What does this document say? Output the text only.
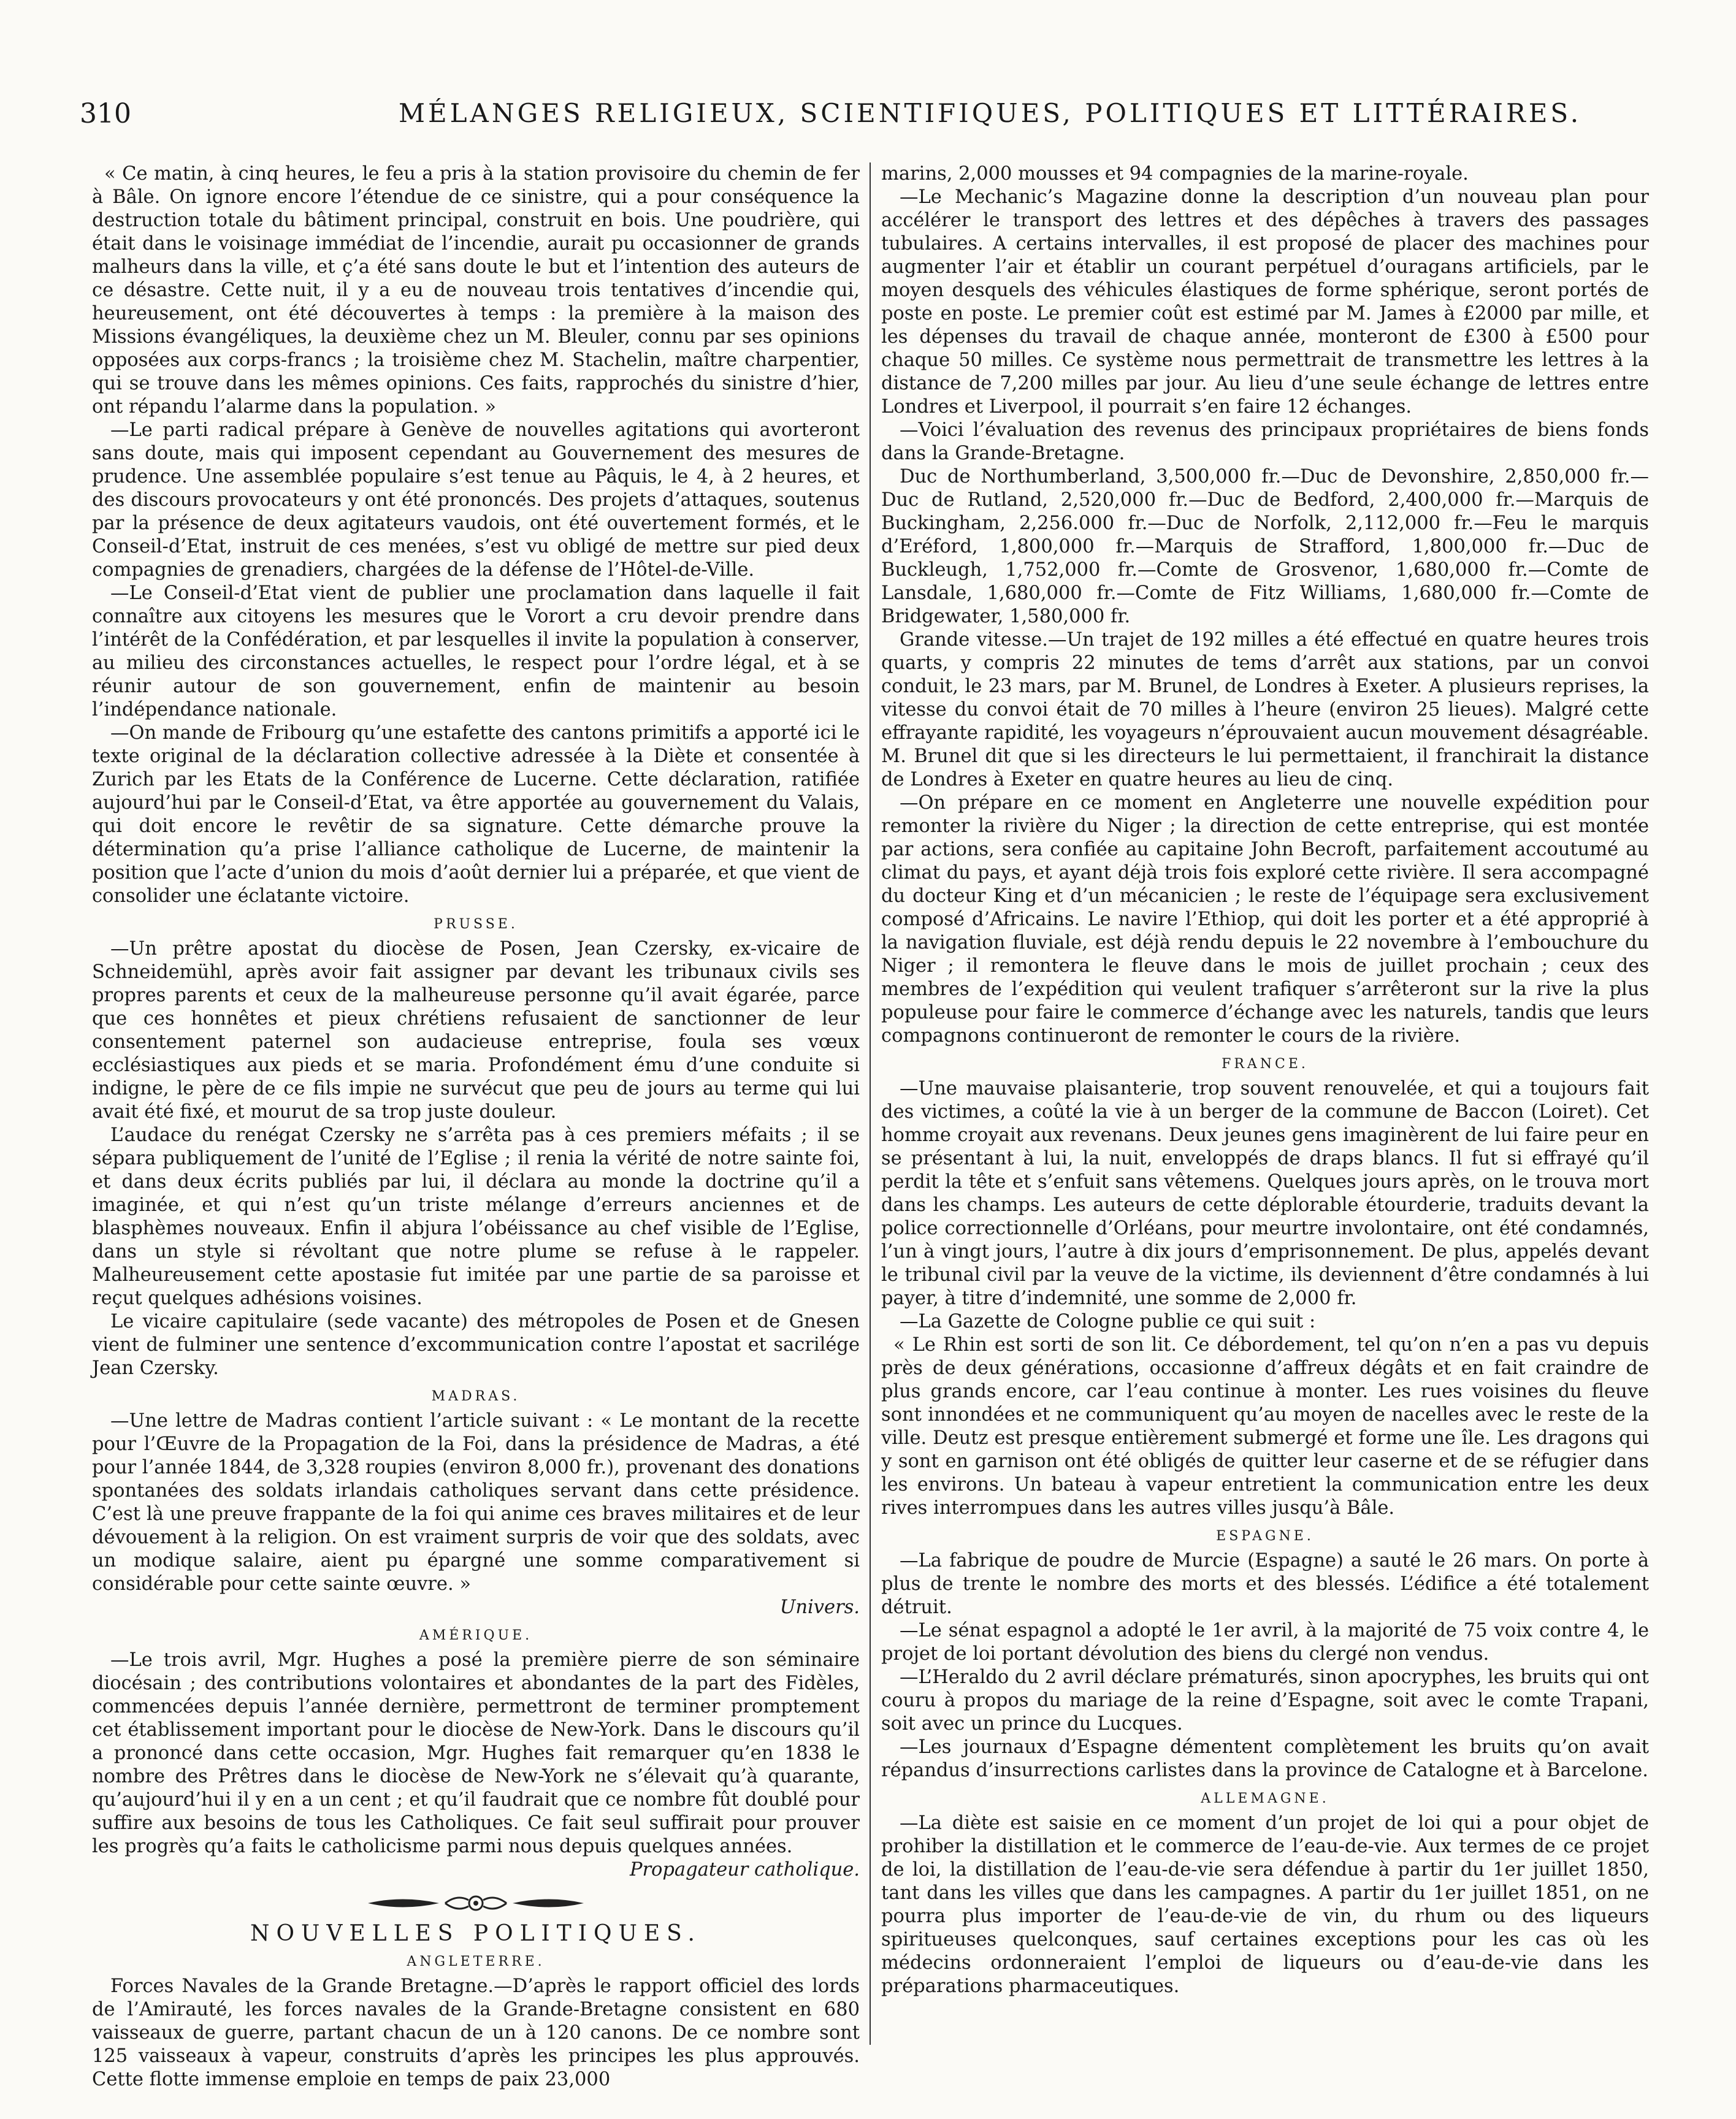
310	MÉLANGES RELIGIEUX, SCIENTIFIQUES, POLITIQUES ET LITTÉRAIRES.

« Ce matin, à cinq heures, le feu a pris à la station provisoire du chemin de fer à Bâle. On ignore encore l’étendue de ce sinistre, qui a pour conséquence la destruction totale du bâtiment principal, construit en bois. Une poudrière, qui était dans le voisinage immédiat de l’incendie, aurait pu occasionner de grands malheurs dans la ville, et ç’a été sans doute le but et l’intention des auteurs de ce désastre. Cette nuit, il y a eu de nouveau trois tentatives d’incendie qui, heureusement, ont été découvertes à temps : la première à la maison des Missions évangéliques, la deuxième chez un M. Bleuler, connu par ses opinions opposées aux corps-francs ; la troisième chez M. Stachelin, maître charpentier, qui se trouve dans les mêmes opinions. Ces faits, rapprochés du sinistre d’hier, ont répandu l’alarme dans la population. »

—Le parti radical prépare à Genève de nouvelles agitations qui avorteront sans doute, mais qui imposent cependant au Gouvernement des mesures de prudence. Une assemblée populaire s’est tenue au Pâquis, le 4, à 2 heures, et des discours provocateurs y ont été prononcés. Des projets d’attaques, soutenus par la présence de deux agitateurs vaudois, ont été ouvertement formés, et le Conseil-d’Etat, instruit de ces menées, s’est vu obligé de mettre sur pied deux compagnies de grenadiers, chargées de la défense de l’Hôtel-de-Ville.

—Le Conseil-d’Etat vient de publier une proclamation dans laquelle il fait connaître aux citoyens les mesures que le Vorort a cru devoir prendre dans l’intérêt de la Confédération, et par lesquelles il invite la population à conserver, au milieu des circonstances actuelles, le respect pour l’ordre légal, et à se réunir autour de son gouvernement, enfin de maintenir au besoin l’indépendance nationale.

—On mande de Fribourg qu’une estafette des cantons primitifs a apporté ici le texte original de la déclaration collective adressée à la Diète et consentée à Zurich par les Etats de la Conférence de Lucerne. Cette déclaration, ratifiée aujourd’hui par le Conseil-d’Etat, va être apportée au gouvernement du Valais, qui doit encore le revêtir de sa signature. Cette démarche prouve la détermination qu’a prise l’alliance catholique de Lucerne, de maintenir la position que l’acte d’union du mois d’août dernier lui a préparée, et que vient de consolider une éclatante victoire.

PRUSSE.

—Un prêtre apostat du diocèse de Posen, Jean Czersky, ex-vicaire de Schneidemühl, après avoir fait assigner par devant les tribunaux civils ses propres parents et ceux de la malheureuse personne qu’il avait égarée, parce que ces honnêtes et pieux chrétiens refusaient de sanctionner de leur consentement paternel son audacieuse entreprise, foula ses vœux ecclésiastiques aux pieds et se maria. Profondément ému d’une conduite si indigne, le père de ce fils impie ne survécut que peu de jours au terme qui lui avait été fixé, et mourut de sa trop juste douleur.

L’audace du renégat Czersky ne s’arrêta pas à ces premiers méfaits ; il se sépara publiquement de l’unité de l’Eglise ; il renia la vérité de notre sainte foi, et dans deux écrits publiés par lui, il déclara au monde la doctrine qu’il a imaginée, et qui n’est qu’un triste mélange d’erreurs anciennes et de blasphèmes nouveaux. Enfin il abjura l’obéissance au chef visible de l’Eglise, dans un style si révoltant que notre plume se refuse à le rappeler. Malheureusement cette apostasie fut imitée par une partie de sa paroisse et reçut quelques adhésions voisines.

Le vicaire capitulaire (sede vacante) des métropoles de Posen et de Gnesen vient de fulminer une sentence d’excommunication contre l’apostat et sacrilége Jean Czersky.

MADRAS.

—Une lettre de Madras contient l’article suivant : « Le montant de la recette pour l’Œuvre de la Propagation de la Foi, dans la présidence de Madras, a été pour l’année 1844, de 3,328 roupies (environ 8,000 fr.), provenant des donations spontanées des soldats irlandais catholiques servant dans cette présidence. C’est là une preuve frappante de la foi qui anime ces braves militaires et de leur dévouement à la religion. On est vraiment surpris de voir que des soldats, avec un modique salaire, aient pu épargné une somme comparativement si considérable pour cette sainte œuvre. »

Univers.
AMÉRIQUE.

—Le trois avril, Mgr. Hughes a posé la première pierre de son séminaire diocésain ; des contributions volontaires et abondantes de la part des Fidèles, commencées depuis l’année dernière, permettront de terminer promptement cet établissement important pour le diocèse de New-York. Dans le discours qu’il a prononcé dans cette occasion, Mgr. Hughes fait remarquer qu’en 1838 le nombre des Prêtres dans le diocèse de New-York ne s’élevait qu’à quarante, qu’aujourd’hui il y en a un cent ; et qu’il faudrait que ce nombre fût doublé pour suffire aux besoins de tous les Catholiques. Ce fait seul suffirait pour prouver les progrès qu’a faits le catholicisme parmi nous depuis quelques années.

Propagateur catholique.
NOUVELLES POLITIQUES.
ANGLETERRE.

Forces Navales de la Grande Bretagne.—D’après le rapport officiel des lords de l’Amirauté, les forces navales de la Grande-Bretagne consistent en 680 vaisseaux de guerre, partant chacun de un à 120 canons. De ce nombre sont 125 vaisseaux à vapeur, construits d’après les principes les plus approuvés. Cette flotte immense emploie en temps de paix 23,000

marins, 2,000 mousses et 94 compagnies de la marine-royale.

—Le Mechanic’s Magazine donne la description d’un nouveau plan pour accélérer le transport des lettres et des dépêches à travers des passages tubulaires. A certains intervalles, il est proposé de placer des machines pour augmenter l’air et établir un courant perpétuel d’ouragans artificiels, par le moyen desquels des véhicules élastiques de forme sphérique, seront portés de poste en poste. Le premier coût est estimé par M. James à £2000 par mille, et les dépenses du travail de chaque année, monteront de £300 à £500 pour chaque 50 milles. Ce système nous permettrait de transmettre les lettres à la distance de 7,200 milles par jour. Au lieu d’une seule échange de lettres entre Londres et Liverpool, il pourrait s’en faire 12 échanges.

—Voici l’évaluation des revenus des principaux propriétaires de biens fonds dans la Grande-Bretagne.

Duc de Northumberland, 3,500,000 fr.—Duc de Devonshire, 2,850,000 fr.—Duc de Rutland, 2,520,000 fr.—Duc de Bedford, 2,400,000 fr.—Marquis de Buckingham, 2,256.000 fr.—Duc de Norfolk, 2,112,000 fr.—Feu le marquis d’Eréford, 1,800,000 fr.—Marquis de Strafford, 1,800,000 fr.—Duc de Buckleugh, 1,752,000 fr.—Comte de Grosvenor, 1,680,000 fr.—Comte de Lansdale, 1,680,000 fr.—Comte de Fitz Williams, 1,680,000 fr.—Comte de Bridgewater, 1,580,000 fr.

Grande vitesse.—Un trajet de 192 milles a été effectué en quatre heures trois quarts, y compris 22 minutes de tems d’arrêt aux stations, par un convoi conduit, le 23 mars, par M. Brunel, de Londres à Exeter. A plusieurs reprises, la vitesse du convoi était de 70 milles à l’heure (environ 25 lieues). Malgré cette effrayante rapidité, les voyageurs n’éprouvaient aucun mouvement désagréable. M. Brunel dit que si les directeurs le lui permettaient, il franchirait la distance de Londres à Exeter en quatre heures au lieu de cinq.

—On prépare en ce moment en Angleterre une nouvelle expédition pour remonter la rivière du Niger ; la direction de cette entreprise, qui est montée par actions, sera confiée au capitaine John Becroft, parfaitement accoutumé au climat du pays, et ayant déjà trois fois exploré cette rivière. Il sera accompagné du docteur King et d’un mécanicien ; le reste de l’équipage sera exclusivement composé d’Africains. Le navire l’Ethiop, qui doit les porter et a été approprié à la navigation fluviale, est déjà rendu depuis le 22 novembre à l’embouchure du Niger ; il remontera le fleuve dans le mois de juillet prochain ; ceux des membres de l’expédition qui veulent trafiquer s’arrêteront sur la rive la plus populeuse pour faire le commerce d’échange avec les naturels, tandis que leurs compagnons continueront de remonter le cours de la rivière.

FRANCE.

—Une mauvaise plaisanterie, trop souvent renouvelée, et qui a toujours fait des victimes, a coûté la vie à un berger de la commune de Baccon (Loiret). Cet homme croyait aux revenans. Deux jeunes gens imaginèrent de lui faire peur en se présentant à lui, la nuit, enveloppés de draps blancs. Il fut si effrayé qu’il perdit la tête et s’enfuit sans vêtemens. Quelques jours après, on le trouva mort dans les champs. Les auteurs de cette déplorable étourderie, traduits devant la police correctionnelle d’Orléans, pour meurtre involontaire, ont été condamnés, l’un à vingt jours, l’autre à dix jours d’emprisonnement. De plus, appelés devant le tribunal civil par la veuve de la victime, ils deviennent d’être condamnés à lui payer, à titre d’indemnité, une somme de 2,000 fr.

—La Gazette de Cologne publie ce qui suit :

« Le Rhin est sorti de son lit. Ce débordement, tel qu’on n’en a pas vu depuis près de deux générations, occasionne d’affreux dégâts et en fait craindre de plus grands encore, car l’eau continue à monter. Les rues voisines du fleuve sont innondées et ne communiquent qu’au moyen de nacelles avec le reste de la ville. Deutz est presque entièrement submergé et forme une île. Les dragons qui y sont en garnison ont été obligés de quitter leur caserne et de se réfugier dans les environs. Un bateau à vapeur entretient la communication entre les deux rives interrompues dans les autres villes jusqu’à Bâle.

ESPAGNE.

—La fabrique de poudre de Murcie (Espagne) a sauté le 26 mars. On porte à plus de trente le nombre des morts et des blessés. L’édifice a été totalement détruit.

—Le sénat espagnol a adopté le 1er avril, à la majorité de 75 voix contre 4, le projet de loi portant dévolution des biens du clergé non vendus.

—L’Heraldo du 2 avril déclare prématurés, sinon apocryphes, les bruits qui ont couru à propos du mariage de la reine d’Espagne, soit avec le comte Trapani, soit avec un prince du Lucques.

—Les journaux d’Espagne démentent complètement les bruits qu’on avait répandus d’insurrections carlistes dans la province de Catalogne et à Barcelone.

ALLEMAGNE.

—La diète est saisie en ce moment d’un projet de loi qui a pour objet de prohiber la distillation et le commerce de l’eau-de-vie. Aux termes de ce projet de loi, la distillation de l’eau-de-vie sera défendue à partir du 1er juillet 1850, tant dans les villes que dans les campagnes. A partir du 1er juillet 1851, on ne pourra plus importer de l’eau-de-vie de vin, du rhum ou des liqueurs spiritueuses quelconques, sauf certaines exceptions pour les cas où les médecins ordonneraient l’emploi de liqueurs ou d’eau-de-vie dans les préparations pharmaceutiques.
